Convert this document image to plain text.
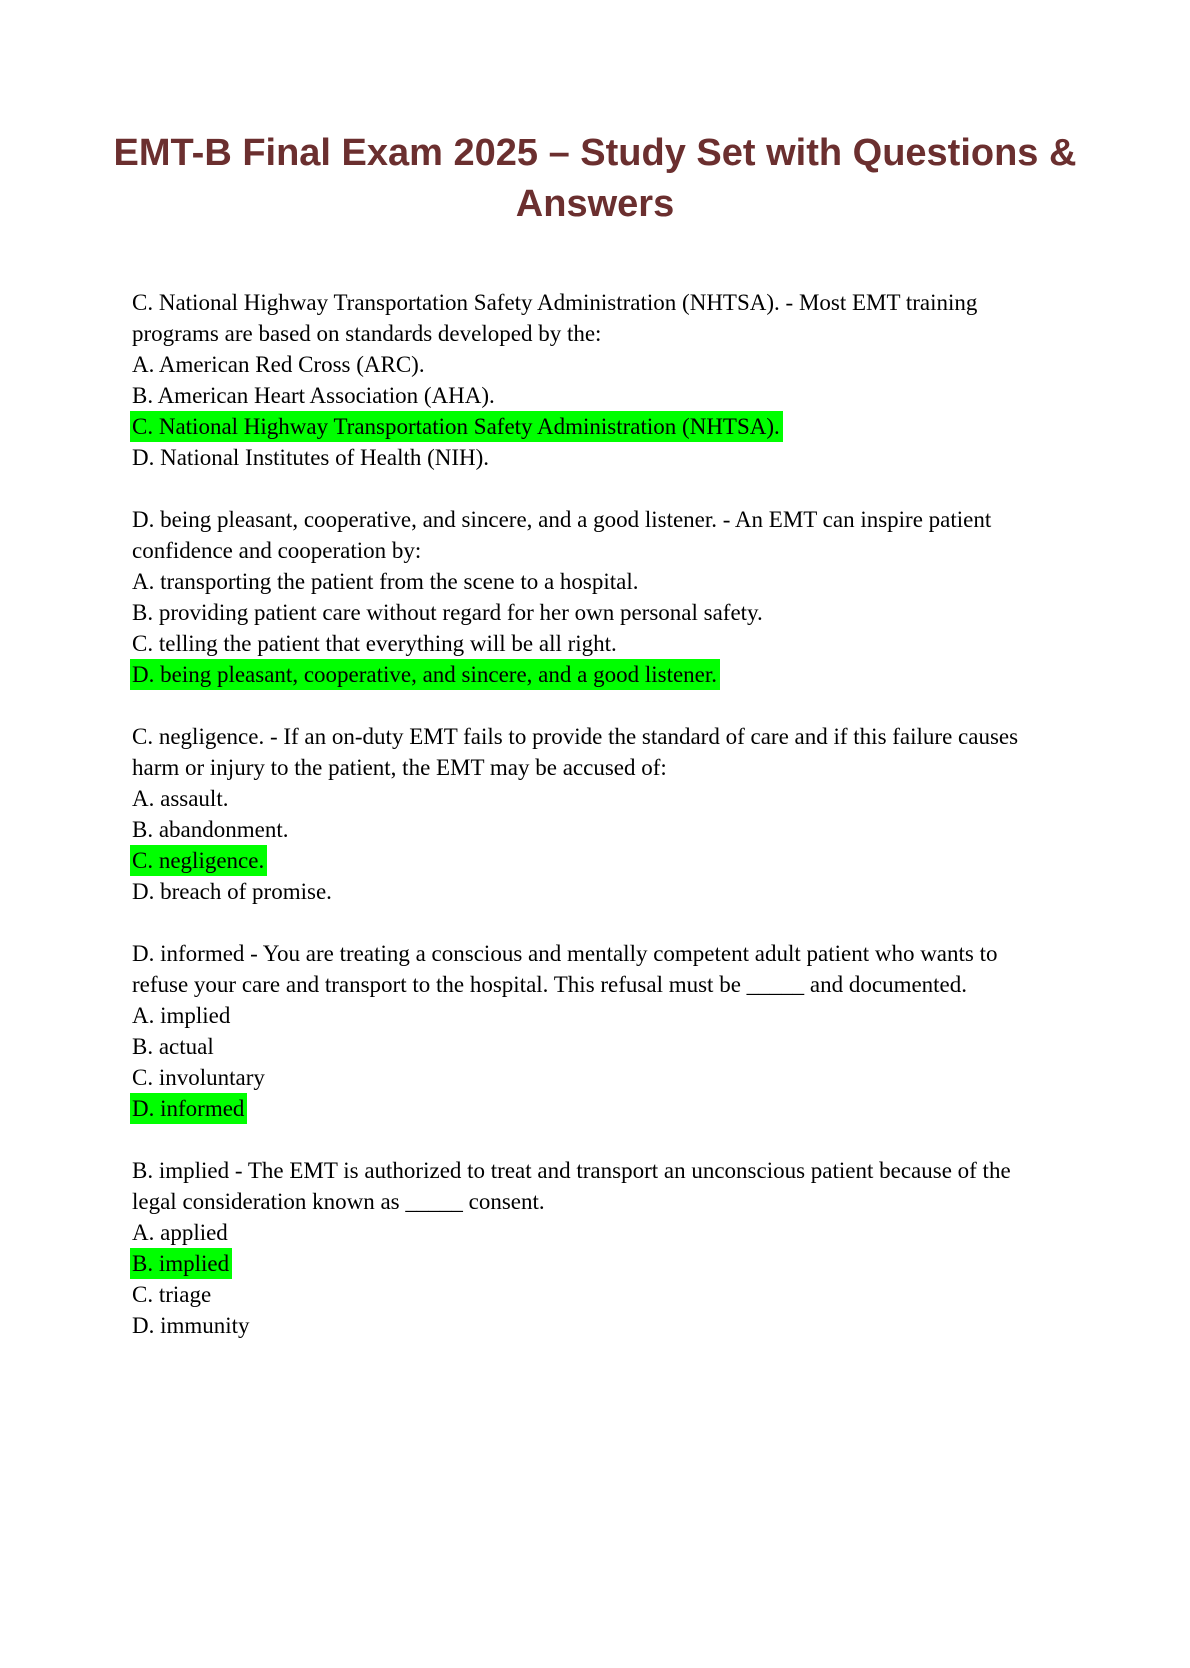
EMT-B Final Exam 2025 – Study Set with Questions & Answers

C. National Highway Transportation Safety Administration (NHTSA). - Most EMT training programs are based on standards developed by the:

A. American Red Cross (ARC).
B. American Heart Association (AHA).
C. National Highway Transportation Safety Administration (NHTSA).
D. National Institutes of Health (NIH).

D. being pleasant, cooperative, and sincere, and a good listener. - An EMT can inspire patient confidence and cooperation by:

A. transporting the patient from the scene to a hospital.
B. providing patient care without regard for her own personal safety.
C. telling the patient that everything will be all right.
D. being pleasant, cooperative, and sincere, and a good listener.

C. negligence. - If an on-duty EMT fails to provide the standard of care and if this failure causes harm or injury to the patient, the EMT may be accused of:

A. assault.
B. abandonment.
C. negligence.
D. breach of promise.

D. informed - You are treating a conscious and mentally competent adult patient who wants to refuse your care and transport to the hospital. This refusal must be _____ and documented.

A. implied
B. actual
C. involuntary
D. informed

B. implied - The EMT is authorized to treat and transport an unconscious patient because of the legal consideration known as _____ consent.

A. applied
B. implied
C. triage
D. immunity
